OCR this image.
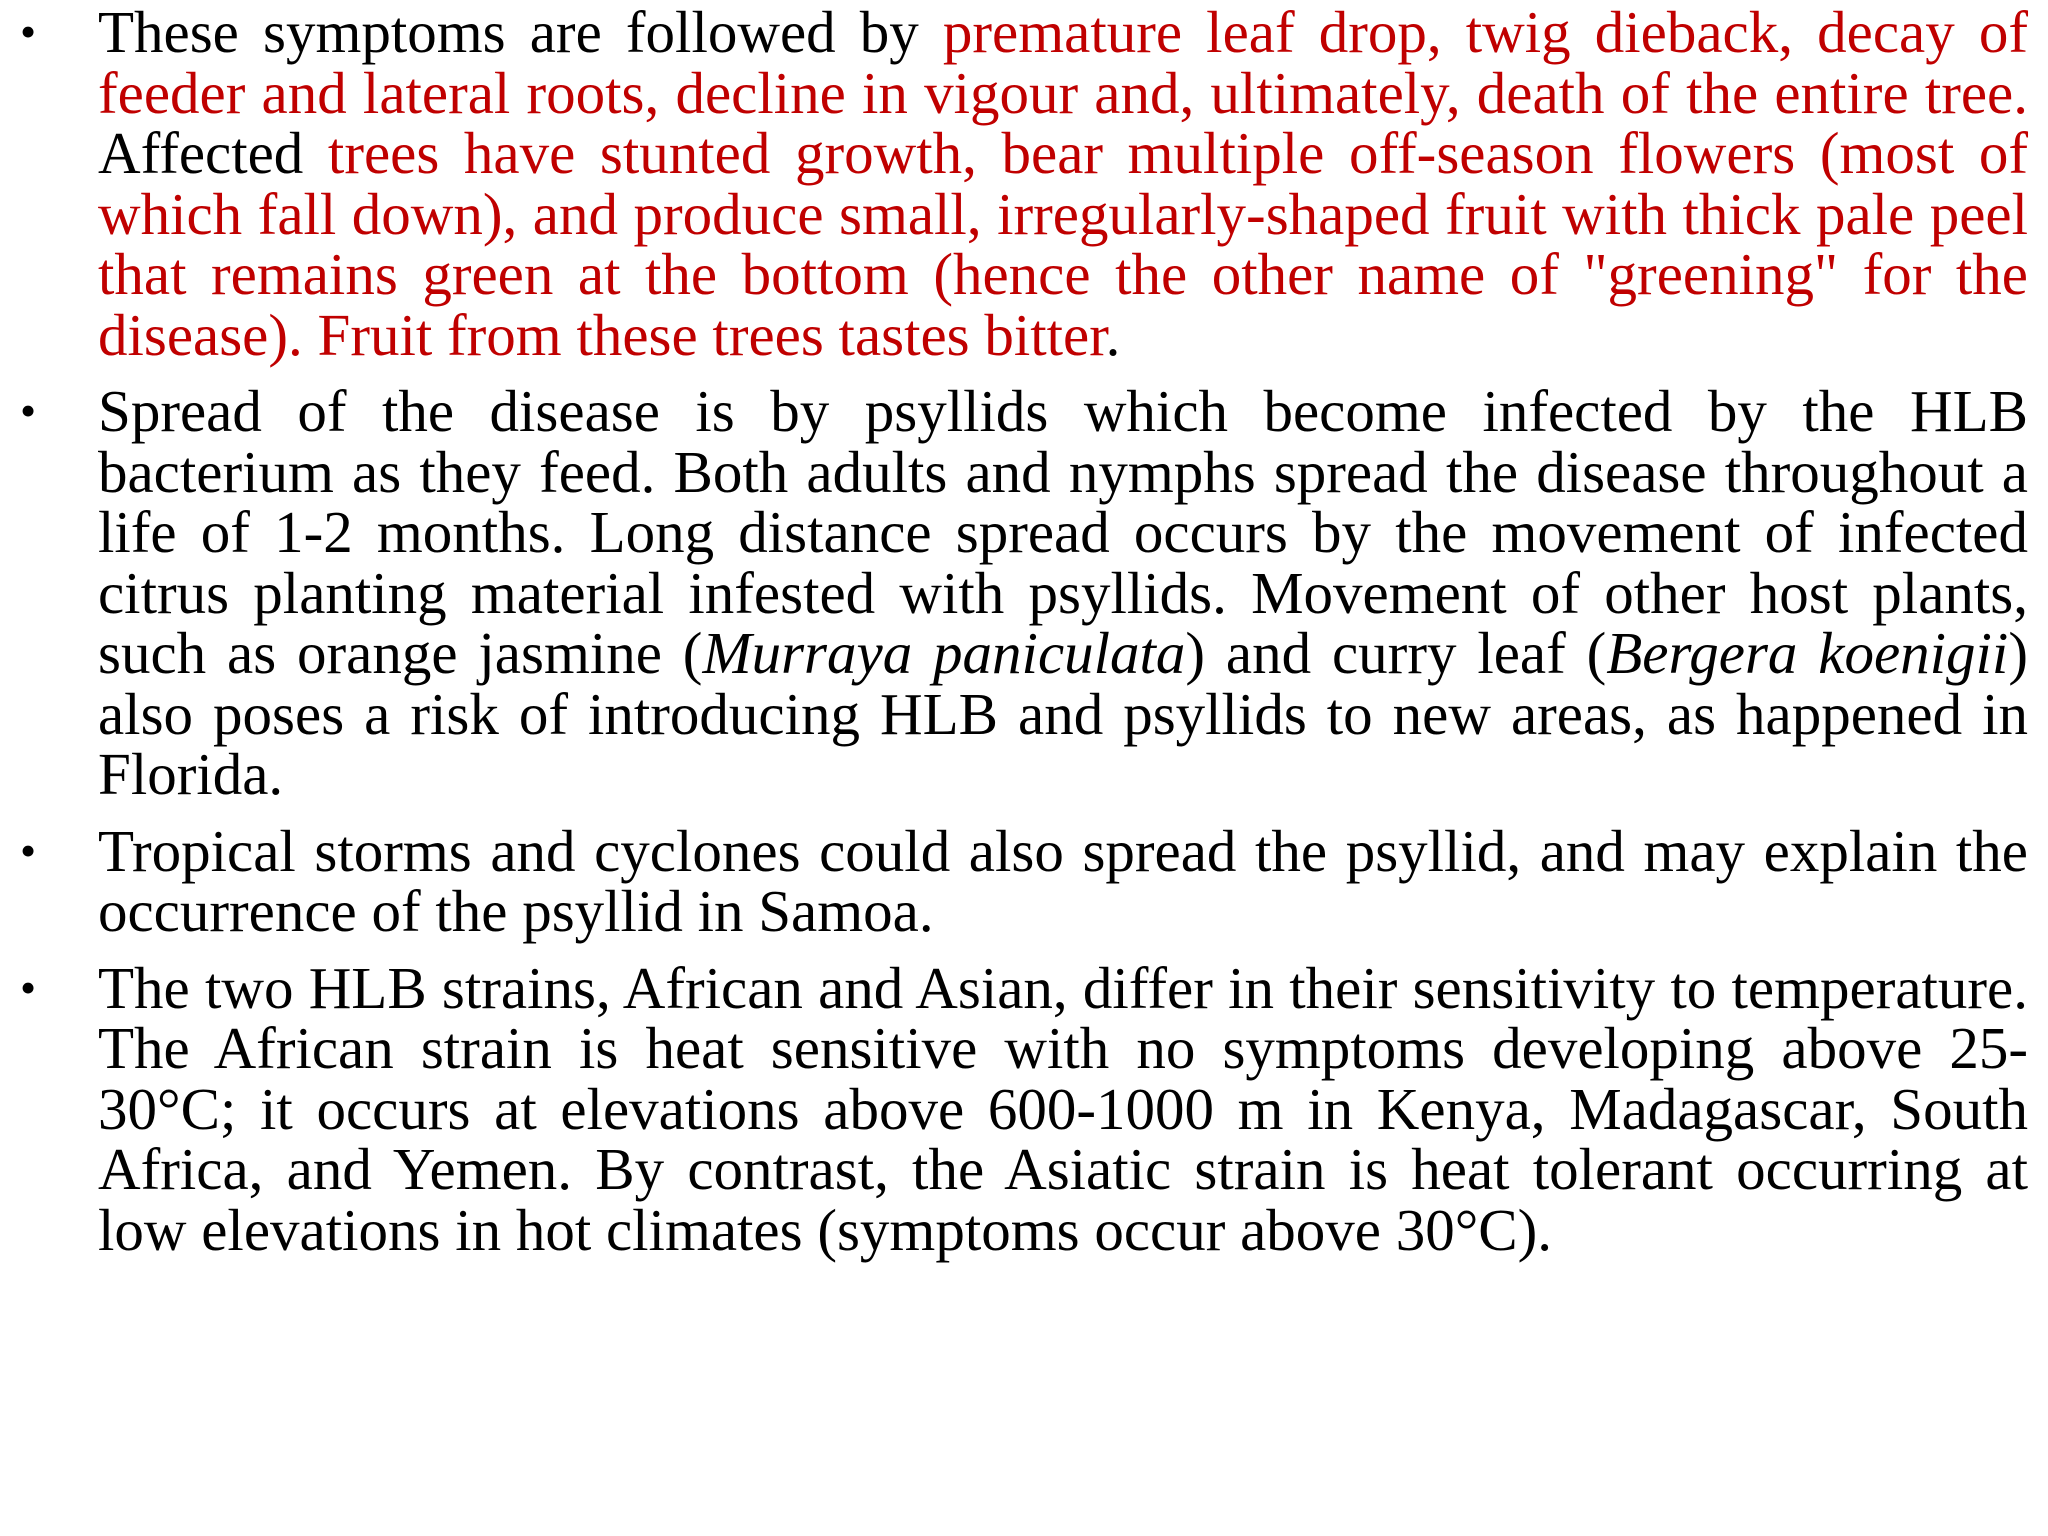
•	These symptoms are followed by premature leaf drop, twig dieback, decay of feeder and lateral roots, decline in vigour and, ultimately, death of the entire tree. Affected trees have stunted growth, bear multiple off-season flowers (most of which fall down), and produce small, irregularly-shaped fruit with thick pale peel that remains green at the bottom (hence the other name of "greening" for the disease). Fruit from these trees tastes bitter.
•	Spread of the disease is by psyllids which become infected by the HLB bacterium as they feed. Both adults and nymphs spread the disease throughout a life of 1-2 months. Long distance spread occurs by the movement of infected citrus planting material infested with psyllids. Movement of other host plants, such as orange jasmine (Murraya paniculata) and curry leaf (Bergera koenigii) also poses a risk of introducing HLB and psyllids to new areas, as happened in Florida.
•	Tropical storms and cyclones could also spread the psyllid, and may explain the occurrence of the psyllid in Samoa.
•	The two HLB strains, African and Asian, differ in their sensitivity to temperature. The African strain is heat sensitive with no symptoms developing above 25-30°C; it occurs at elevations above 600-1000 m in Kenya, Madagascar, South Africa, and Yemen. By contrast, the Asiatic strain is heat tolerant occurring at low elevations in hot climates (symptoms occur above 30°C).
